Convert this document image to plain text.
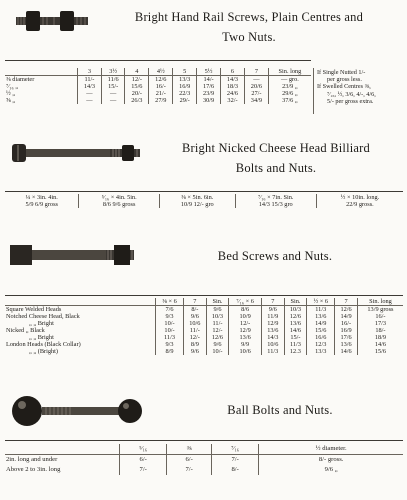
Bright Hand Rail Screws, Plain Centres and
Two Nuts.
	3	3½	4	4½	5	5½	6	7	Sin. long
⅜ diameter	11/-	11/6	12/-	12/6	13/3	14/-	14/3	—	— gro.
⁷⁄₁₆ „	14/3	15/-	15/6	16/-	16/9	17/6	18/3	20/6	23/9 „
½ „	—	—	20/-	21/-	22/3	23/9	24/6	27/-	29/6 „
⅝ „	—	—	26/3	27/9	29/-	30/9	32/-	34/9	37/6 „
If Single Nutted 1/-
per gross less.
If Swelled Centres ⅜,
⁷⁄₁₆, ½, 3/6, 4/-, 4/6,
5/- per gross extra.
Bright Nicked Cheese Head Billiard
Bolts and Nuts.
¼ × 3in. 4in.	⁵⁄₁₆ × 4in. 5in.	⅜ × 5in. 6in.	⁷⁄₁₆ × 7in. Sin.	½ × 10in. long.
5/9 6/9 gross	8/6 9/6 gross	10/9 12/- gro	14/3 15/3 gro	22/9 gross.
Bed Screws and Nuts.
	⅜ × 6	7	Sin.	⁷⁄₁₆ × 6	7	Sin.	½ × 6	7	Sin. long
Square Welded Heads	7/6	8/-	9/6	8/6	9/6	10/3	11/3	12/6	13/9 gross
Notched Cheese Head, Black	9/3	9/6	10/3	10/9	11/9	12/6	13/6	14/9	16/-
„ „ Bright	10/-	10/6	11/-	12/-	12/9	13/6	14/9	16/-	17/3
Nicked „ Black	10/-	11/-	12/-	12/9	13/6	14/6	15/6	16/9	18/-
„ „ Bright	11/3	12/-	12/6	13/6	14/3	15/-	16/6	17/6	18/9
London Heads (Black Collar)	9/3	8/9	9/6	9/9	10/6	11/3	12/3	13/6	14/6
„ „ (Bright)	8/9	9/6	10/-	10/6	11/3	12.3	13/3	14/6	15/6
Ball Bolts and Nuts.
	⁵⁄₁₆	⅜	⁷⁄₁₆	½ diameter.
2in. long and under	6/-	6/-	7/-	8/- gross.
Above 2 to 3in. long	7/-	7/-	8/-	9/6 „
